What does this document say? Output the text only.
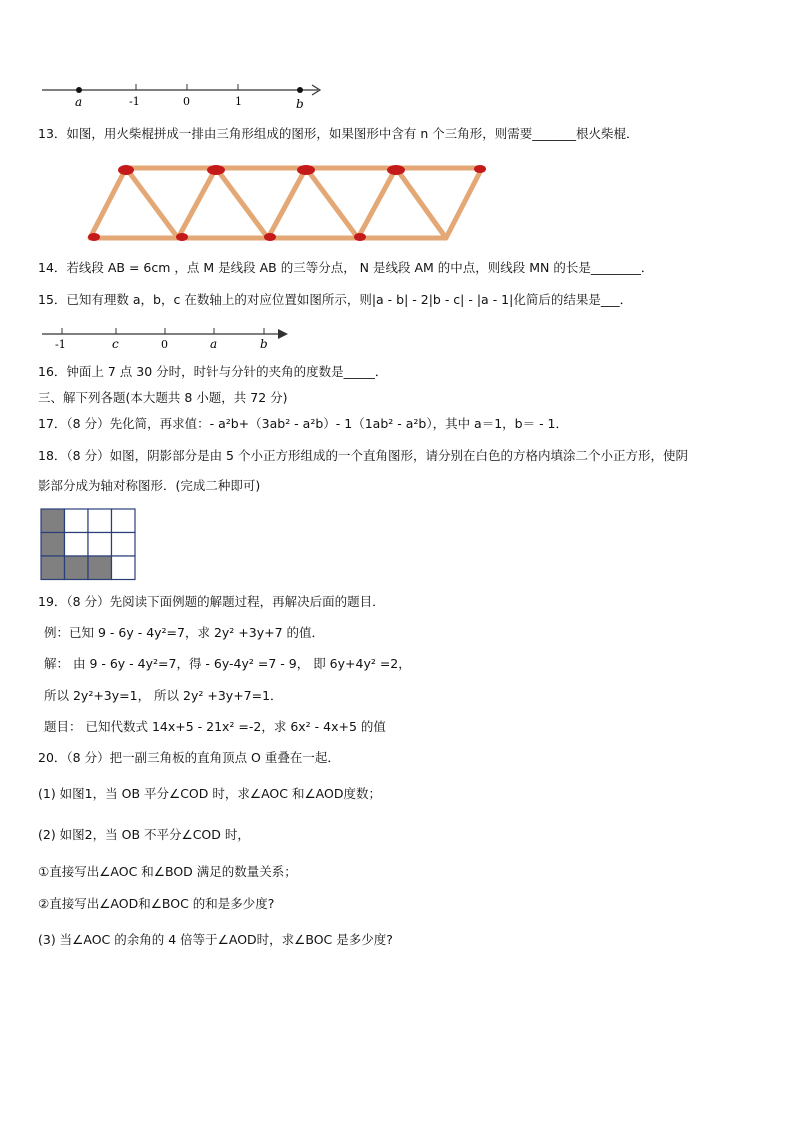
a	-1	0	1	b
13．如图，用火柴棍拼成一排由三角形组成的图形，如果图形中含有 n 个三角形，则需要_______根火柴棍．
14．若线段 AB = 6cm ，点 M 是线段 AB 的三等分点， N 是线段 AM 的中点，则线段 MN 的长是________．
15．已知有理数 a，b，c 在数轴上的对应位置如图所示，则|a - b| - 2|b - c| - |a - 1|化简后的结果是___．
-1	c	0	a	b
16．钟面上 7 点 30 分时，时针与分针的夹角的度数是_____．
三、解下列各题(本大题共 8 小题，共 72 分)
17．（8 分）先化简，再求值：- a²b+（3ab² - a²b）- 1（1ab² - a²b），其中 a＝1，b＝ - 1．
18．（8 分）如图，阴影部分是由 5 个小正方形组成的一个直角图形，请分别在白色的方格内填涂二个小正方形，使阴
影部分成为轴对称图形．(完成二种即可)
19．（8 分）先阅读下面例题的解题过程，再解决后面的题目．
例：已知 9 - 6y - 4y²=7，求 2y² +3y+7 的值．
解： 由 9 - 6y - 4y²=7，得 - 6y-4y² =7 - 9， 即 6y+4y² =2，
所以 2y²+3y=1， 所以 2y² +3y+7=1．
题目： 已知代数式 14x+5 - 21x² =-2，求 6x² - 4x+5 的值
20．（8 分）把一副三角板的直角顶点 O 重叠在一起．
(1) 如图1，当 OB 平分∠COD 时，求∠AOC 和∠AOD度数；
(2) 如图2，当 OB 不平分∠COD 时，
①直接写出∠AOC 和∠BOD 满足的数量关系；
②直接写出∠AOD和∠BOC 的和是多少度?
(3) 当∠AOC 的余角的 4 倍等于∠AOD时，求∠BOC 是多少度?
